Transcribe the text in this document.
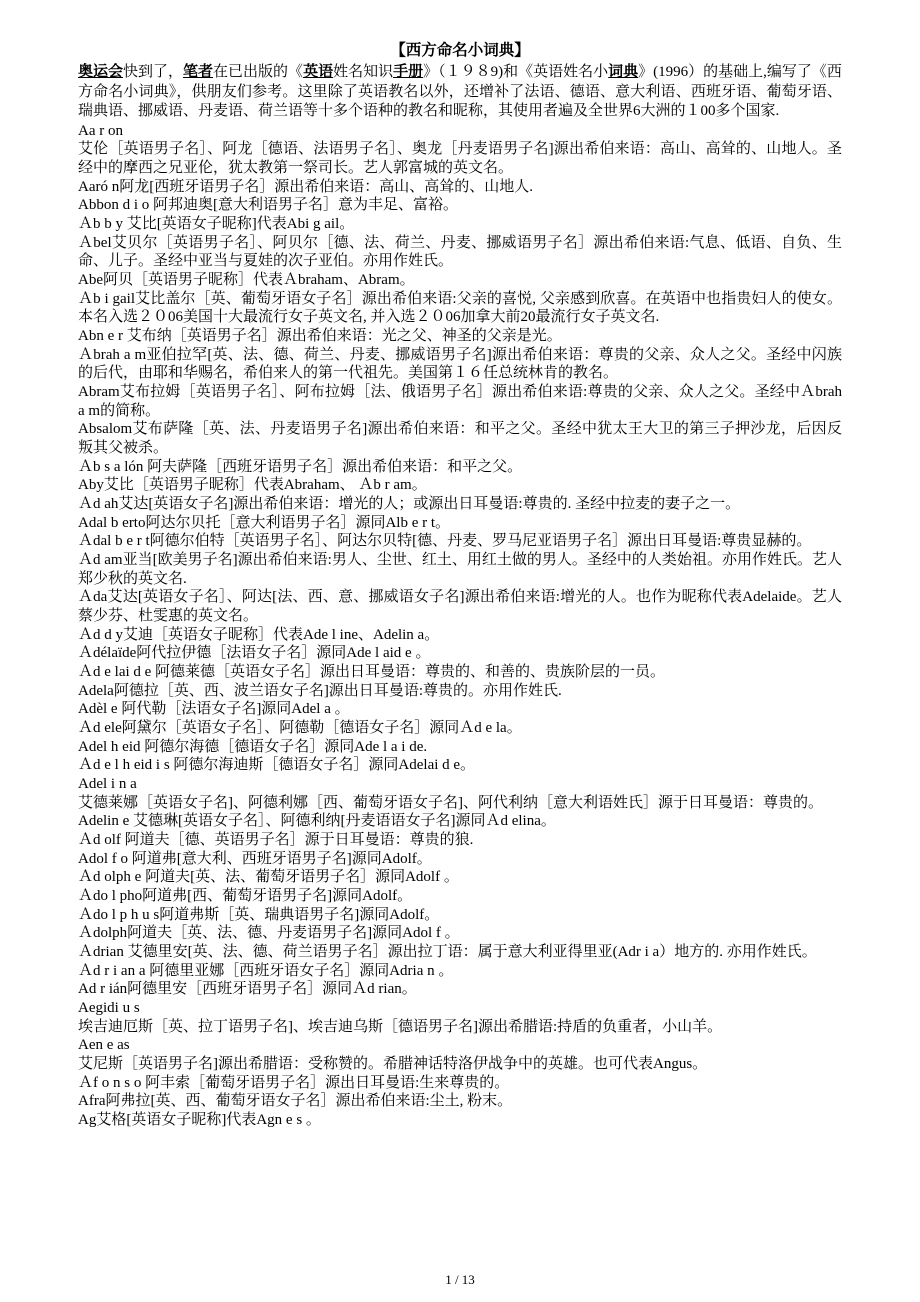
【西方命名小词典】

奥运会快到了，笔者在已出版的《英语姓名知识手册》（１９８9)和《英语姓名小词典》(1996）的基础上,编写了《西方命名小词典》，供朋友们参考。这里除了英语教名以外，还增补了法语、德语、意大利语、西班牙语、葡萄牙语、瑞典语、挪威语、丹麦语、荷兰语等十多个语种的教名和昵称，其使用者遍及全世界6大洲的１00多个国家.

Aa r on

艾伦［英语男子名］、阿龙［德语、法语男子名］、奥龙［丹麦语男子名]源出希伯来语：高山、高耸的、山地人。圣经中的摩西之兄亚伦，犹太教第一祭司长。艺人郭富城的英文名。

Aaró n阿龙[西班牙语男子名］源出希伯来语：高山、高耸的、山地人.

Abbon d i o 阿邦迪奥[意大利语男子名］意为丰足、富裕。

Ａb b y 艾比[英语女子昵称]代表Abi g ail。

Ａbel艾贝尔［英语男子名］、阿贝尔［德、法、荷兰、丹麦、挪威语男子名］源出希伯来语:气息、低语、自负、生命、儿子。圣经中亚当与夏娃的次子亚伯。亦用作姓氏。

Abe阿贝［英语男子昵称］代表Ａbraham、Abram。

Ａb i gail艾比盖尔［英、葡萄牙语女子名］源出希伯来语:父亲的喜悦, 父亲感到欣喜。在英语中也指贵妇人的使女。本名入选２０06美国十大最流行女子英文名, 并入选２０06加拿大前20最流行女子英文名.

Abn e r 艾布纳［英语男子名］源出希伯来语：光之父、神圣的父亲是光。

Ａbrah a m亚伯拉罕[英、法、德、荷兰、丹麦、挪威语男子名]源出希伯来语：尊贵的父亲、众人之父。圣经中闪族的后代，由耶和华赐名，希伯来人的第一代祖先。美国第１６任总统林肯的教名。

Abram艾布拉姆［英语男子名］、阿布拉姆［法、俄语男子名］源出希伯来语:尊贵的父亲、众人之父。圣经中Ａbrah a m的简称。

Absalom艾布萨隆［英、法、丹麦语男子名]源出希伯来语：和平之父。圣经中犹太王大卫的第三子押沙龙，后因反叛其父被杀。

Ａb s a lón 阿夫萨隆［西班牙语男子名］源出希伯来语：和平之父。

Aby艾比［英语男子昵称］代表Abraham、 Ａb r am。

Ａd ah艾达[英语女子名]源出希伯来语：增光的人；或源出日耳曼语:尊贵的. 圣经中拉麦的妻子之一。

Adal b erto阿达尔贝托［意大利语男子名］源同Alb e r t。

Ａdal b e r t阿德尔伯特［英语男子名］、阿达尔贝特[德、丹麦、罗马尼亚语男子名］源出日耳曼语:尊贵显赫的。

Ａd am亚当[欧美男子名]源出希伯来语:男人、尘世、红土、用红土做的男人。圣经中的人类始祖。亦用作姓氏。艺人郑少秋的英文名.

Ａda艾达[英语女子名］、阿达[法、西、意、挪威语女子名]源出希伯来语:增光的人。也作为昵称代表Adelaide。艺人蔡少芬、杜雯惠的英文名。

Ａd d y艾迪［英语女子昵称］代表Ade l ine、Adelin a。

Ａdélaïde阿代拉伊德［法语女子名］源同Ade l aid e 。

Ａd e lai d e 阿德莱德［英语女子名］源出日耳曼语：尊贵的、和善的、贵族阶层的一员。

Adela阿德拉［英、西、波兰语女子名]源出日耳曼语:尊贵的。亦用作姓氏.

Adèl e 阿代勒［法语女子名]源同Adel a 。

Ａd ele阿黛尔［英语女子名］、阿德勒［德语女子名］源同Ａd e la。

Adel h eid 阿德尔海德［德语女子名］源同Ade l a i de.

Ａd e l h eid i s 阿德尔海迪斯［德语女子名］源同Adelai d e。

Adel i n a

艾德莱娜［英语女子名]、阿德利娜［西、葡萄牙语女子名]、阿代利纳［意大利语姓氏］源于日耳曼语：尊贵的。

Adelin e 艾德琳[英语女子名］、阿德利纳[丹麦语语女子名]源同Ａd elina。

Ａd olf 阿道夫［德、英语男子名］源于日耳曼语：尊贵的狼.

Adol f o 阿道弗[意大利、西班牙语男子名]源同Adolf。

Ａd olph e 阿道夫[英、法、葡萄牙语男子名］源同Adolf 。

Ａdo l pho阿道弗[西、葡萄牙语男子名]源同Adolf。

Ａdo l p h u s阿道弗斯［英、瑞典语男子名]源同Adolf。

Ａdolph阿道夫［英、法、德、丹麦语男子名]源同Adol f 。

Ａdrian 艾德里安[英、法、德、荷兰语男子名］源出拉丁语：属于意大利亚得里亚(Adr i a）地方的. 亦用作姓氏。

Ａd r i an a 阿德里亚娜［西班牙语女子名］源同Adria n 。

Ad r ián阿德里安［西班牙语男子名］源同Ａd rian。

Aegidi u s

埃吉迪厄斯［英、拉丁语男子名]、埃吉迪乌斯［德语男子名]源出希腊语:持盾的负重者，小山羊。

Aen e as

艾尼斯［英语男子名]源出希腊语：受称赞的。希腊神话特洛伊战争中的英雄。也可代表Angus。

Ａf o n s o 阿丰索［葡萄牙语男子名］源出日耳曼语:生来尊贵的。

Afra阿弗拉[英、西、葡萄牙语女子名］源出希伯来语:尘土, 粉末。

Ag艾格[英语女子昵称]代表Agn e s 。

1 / 13
